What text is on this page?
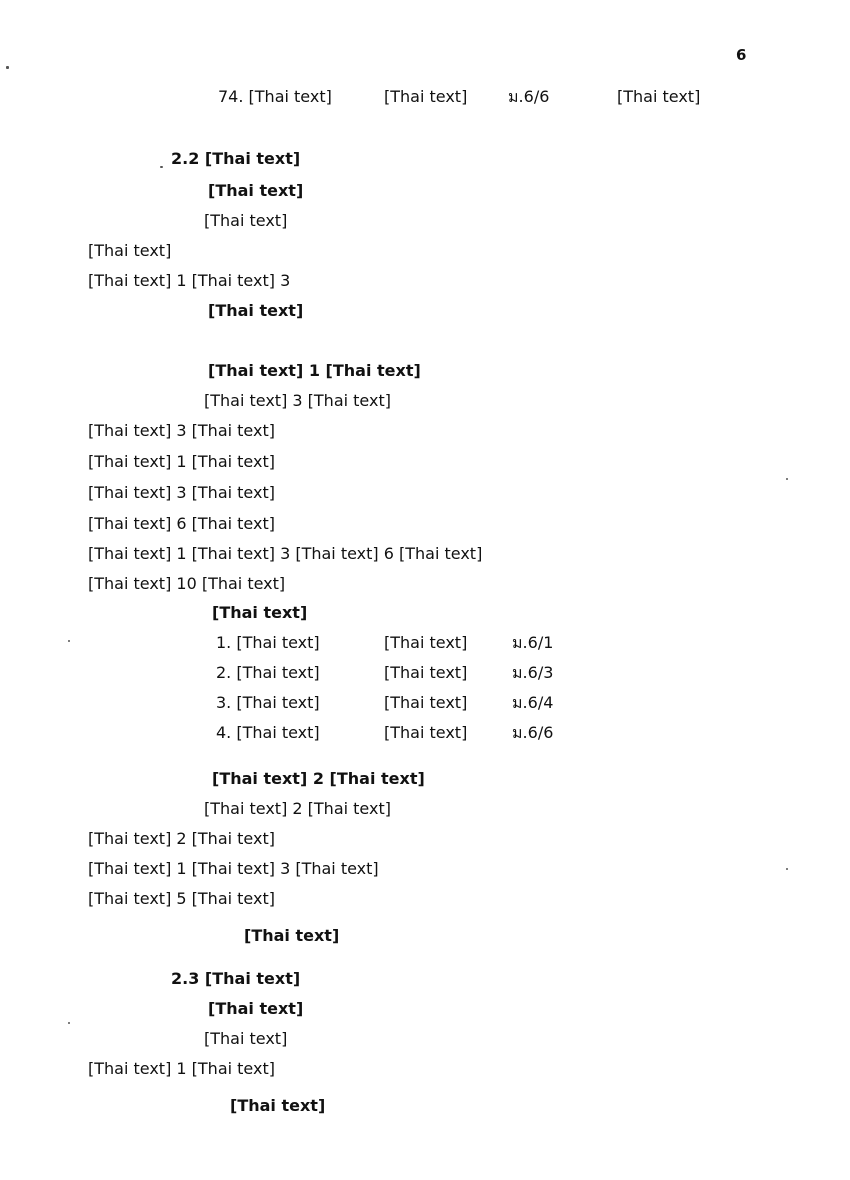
6
74. [Thai text]	[Thai text]	ม.6/6	[Thai text]
2.2 [Thai text]
[Thai text]
[Thai text]
[Thai text]
[Thai text] 1 [Thai text] 3
[Thai text]
[Thai text] 1 [Thai text]
[Thai text] 3 [Thai text]
[Thai text] 3 [Thai text]
[Thai text] 1 [Thai text]
[Thai text] 3 [Thai text]
[Thai text] 6 [Thai text]
[Thai text] 1 [Thai text] 3 [Thai text] 6 [Thai text]
[Thai text] 10 [Thai text]
[Thai text]
1. [Thai text]	[Thai text]	ม.6/1
2. [Thai text]	[Thai text]	ม.6/3
3. [Thai text]	[Thai text]	ม.6/4
4. [Thai text]	[Thai text]	ม.6/6
[Thai text] 2 [Thai text]
[Thai text] 2 [Thai text]
[Thai text] 2 [Thai text]
[Thai text] 1 [Thai text] 3 [Thai text]
[Thai text] 5 [Thai text]
[Thai text]
2.3 [Thai text]
[Thai text]
[Thai text]
[Thai text] 1 [Thai text]
[Thai text]
